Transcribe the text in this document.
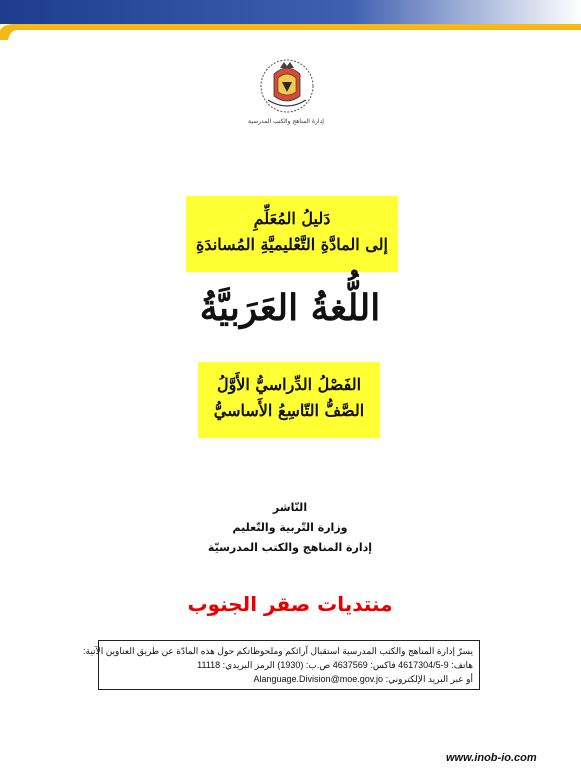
إدارة المناهج والكتب المدرسية
دَليلُ المُعَلِّمِ
إلى المادَّةِ التَّعْليميَّةِ المُساندَةِ
اللُّغةُ العَرَبيَّةُ
الفَصْلُ الدِّراسيُّ الأَوَّلُ
الصَّفُّ التّاسِعُ الأَساسيُّ
النّاشر
وزارة التّربية والتّعليم
إدارة المناهج والكتب المدرسيّة
منتديات صقر الجنوب
يسرّ إدارة المناهج والكتب المدرسية استقبال آرائكم وملحوظاتكم حول هذه المادّة عن طريق العناوين الآتية:
هاتف: 9-4617304/5 فاكس: 4637569 ص.ب: (1930) الرمز البريدي: 11118
أو عبر البريد الإلكتروني: Alanguage.Division@moe.gov.jo
www.inob-io.com
